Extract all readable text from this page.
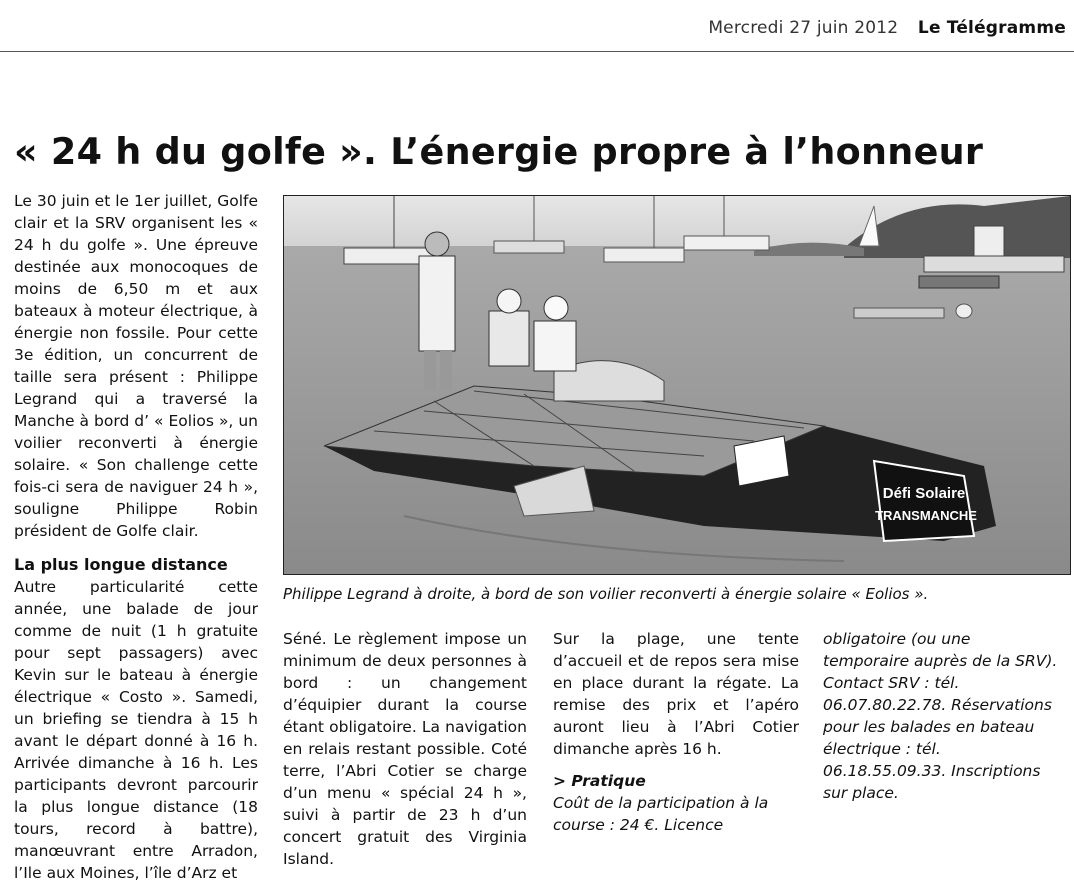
Mercredi 27 juin 2012 Le Télégramme
« 24 h du golfe ». L’énergie propre à l’honneur

Le 30 juin et le 1er juillet, Golfe clair et la SRV organisent les « 24 h du golfe ». Une épreuve destinée aux monocoques de moins de 6,50 m et aux bateaux à moteur électrique, à énergie non fossile. Pour cette 3e édition, un concurrent de taille sera présent : Philippe Legrand qui a traversé la Manche à bord d’ « Eolios », un voilier reconverti à énergie solaire. « Son challenge cette fois-ci sera de naviguer 24 h », souligne Philippe Robin président de Golfe clair.

La plus longue distance

Autre particularité cette année, une balade de jour comme de nuit (1 h gratuite pour sept passagers) avec Kevin sur le bateau à énergie électrique « Costo ». Samedi, un briefing se tiendra à 15 h avant le départ donné à 16 h. Arrivée dimanche à 16 h. Les participants devront parcourir la plus longue distance (18 tours, record à battre), manœuvrant entre Arradon, l’Ile aux Moines, l’île d’Arz et

Défi Solaire
TRANSMANCHE
Philippe Legrand à droite, à bord de son voilier reconverti à énergie solaire « Eolios ».

Séné. Le règlement impose un minimum de deux personnes à bord : un changement d’équipier durant la course étant obligatoire. La navigation en relais restant possible. Coté terre, l’Abri Cotier se charge d’un menu « spécial 24 h », suivi à partir de 23 h d’un concert gratuit des Virginia Island.

Sur la plage, une tente d’accueil et de repos sera mise en place durant la régate. La remise des prix et l’apéro auront lieu à l’Abri Cotier dimanche après 16 h.

> Pratique

Coût de la participation à la course : 24 €. Licence

obligatoire (ou une temporaire auprès de la SRV). Contact SRV : tél. 06.07.80.22.78. Réservations pour les balades en bateau électrique : tél. 06.18.55.09.33. Inscriptions sur place.
